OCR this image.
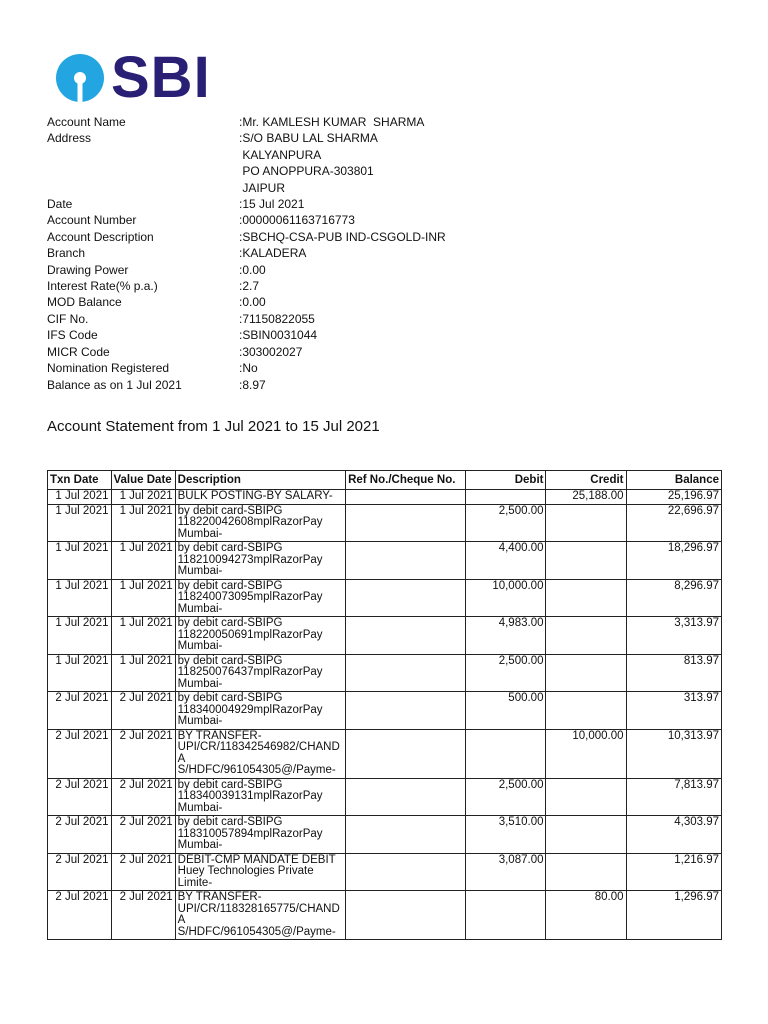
SBI
Account Name	:Mr. KAMLESH KUMAR  SHARMA
Address	:S/O BABU LAL SHARMA
KALYANPURA
PO ANOPPURA-303801
JAIPUR
Date	:15 Jul 2021
Account Number	:00000061163716773
Account Description	:SBCHQ-CSA-PUB IND-CSGOLD-INR
Branch	:KALADERA
Drawing Power	:0.00
Interest Rate(% p.a.)	:2.7
MOD Balance	:0.00
CIF No.	:71150822055
IFS Code	:SBIN0031044
MICR Code	:303002027
Nomination Registered	:No
Balance as on 1 Jul 2021	:8.97
Account Statement from 1 Jul 2021 to 15 Jul 2021
Txn Date	Value Date	Description	Ref No./Cheque No.	Debit	Credit	Balance
1 Jul 2021	1 Jul 2021	BULK POSTING-BY SALARY-			25,188.00	25,196.97
1 Jul 2021	1 Jul 2021	by debit card-SBIPG
118220042608mplRazorPay
Mumbai-		2,500.00		22,696.97
1 Jul 2021	1 Jul 2021	by debit card-SBIPG
118210094273mplRazorPay
Mumbai-		4,400.00		18,296.97
1 Jul 2021	1 Jul 2021	by debit card-SBIPG
118240073095mplRazorPay
Mumbai-		10,000.00		8,296.97
1 Jul 2021	1 Jul 2021	by debit card-SBIPG
118220050691mplRazorPay
Mumbai-		4,983.00		3,313.97
1 Jul 2021	1 Jul 2021	by debit card-SBIPG
118250076437mplRazorPay
Mumbai-		2,500.00		813.97
2 Jul 2021	2 Jul 2021	by debit card-SBIPG
118340004929mplRazorPay
Mumbai-		500.00		313.97
2 Jul 2021	2 Jul 2021	BY TRANSFER-
UPI/CR/118342546982/CHAND
A
S/HDFC/961054305@/Payme-			10,000.00	10,313.97
2 Jul 2021	2 Jul 2021	by debit card-SBIPG
118340039131mplRazorPay
Mumbai-		2,500.00		7,813.97
2 Jul 2021	2 Jul 2021	by debit card-SBIPG
118310057894mplRazorPay
Mumbai-		3,510.00		4,303.97
2 Jul 2021	2 Jul 2021	DEBIT-CMP MANDATE DEBIT
Huey Technologies Private
Limite-		3,087.00		1,216.97
2 Jul 2021	2 Jul 2021	BY TRANSFER-
UPI/CR/118328165775/CHAND
A
S/HDFC/961054305@/Payme-			80.00	1,296.97
